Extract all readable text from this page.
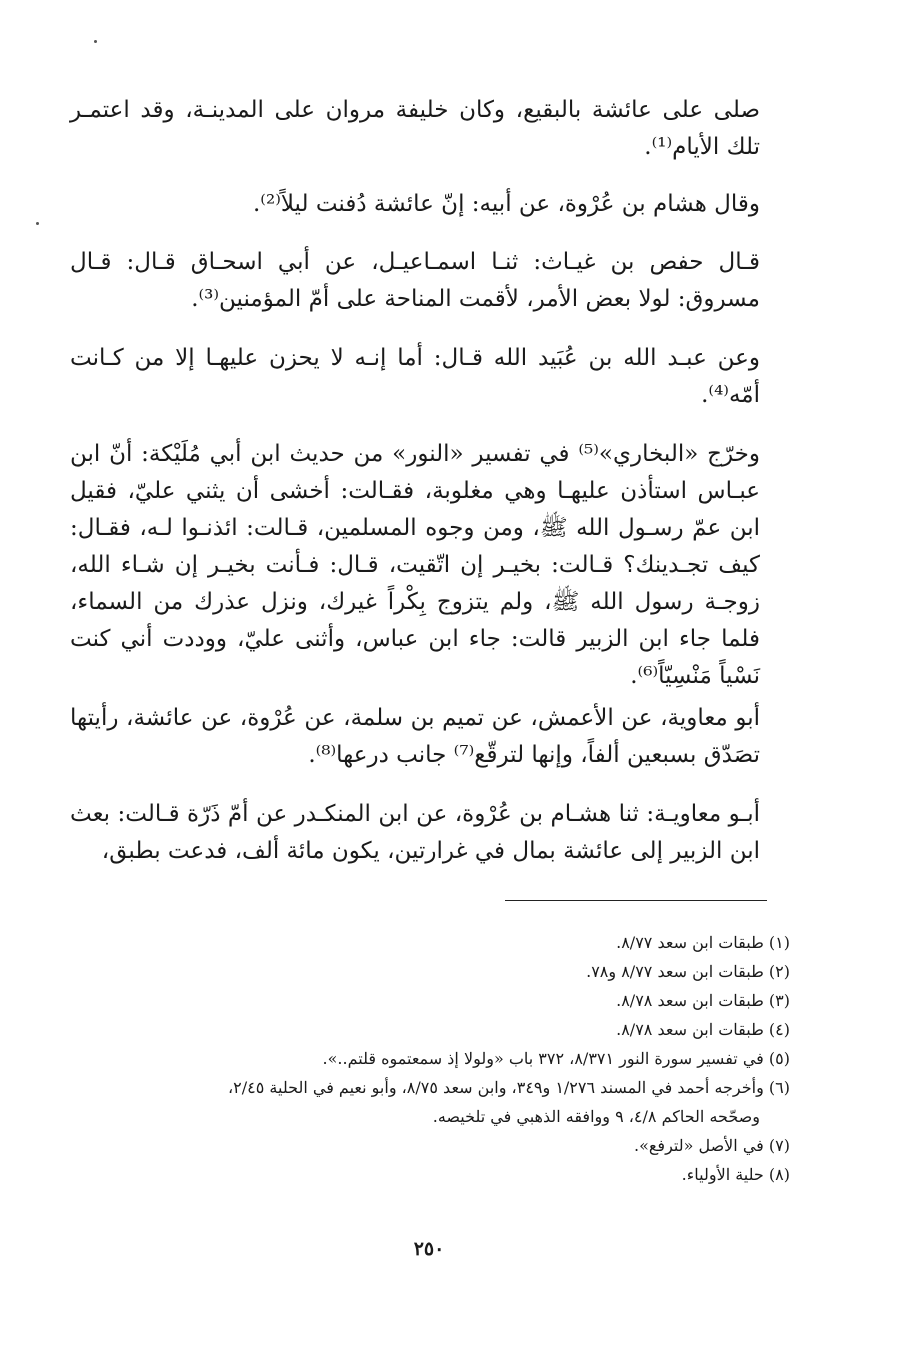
صلى على عائشة بالبقيع، وكان خليفة مروان على المدينـة، وقد اعتمـر تلك الأيام⁽¹⁾.

وقال هشام بن عُرْوة، عن أبيه: إنّ عائشة دُفنت ليلاً⁽²⁾.

قـال حفص بن غيـاث: ثنـا اسمـاعيـل، عن أبي اسحـاق قـال: قـال مسروق: لولا بعض الأمر، لأقمت المناحة على أمّ المؤمنين⁽³⁾.

وعن عبـد الله بن عُبَيد الله قـال: أما إنـه لا يحزن عليهـا إلا من كـانت أمّه⁽⁴⁾.

وخرّج «البخاري»⁽⁵⁾ في تفسير «النور» من حديث ابن أبي مُلَيْكة: أنّ ابن عبـاس استأذن عليهـا وهي مغلوبة، فقـالت: أخشى أن يثني عليّ، فقيل ابن عمّ رسـول الله ﷺ، ومن وجوه المسلمين، قـالت: ائذنـوا لـه، فقـال: كيف تجـدينك؟ قـالت: بخيـر إن اتّقيت، قـال: فـأنت بخيـر إن شـاء الله، زوجـة رسول الله ﷺ، ولم يتزوج بِكْراً غيرك، ونزل عذرك من السماء، فلما جاء ابن الزبير قالت: جاء ابن عباس، وأثنى عليّ، ووددت أني كنت نَسْياً مَنْسِيّاً⁽⁶⁾.

أبو معاوية، عن الأعمش، عن تميم بن سلمة، عن عُرْوة، عن عائشة، رأيتها تصَدّق بسبعين ألفاً، وإنها لترقّع⁽⁷⁾ جانب درعها⁽⁸⁾.

أبـو معاويـة: ثنا هشـام بن عُرْوة، عن ابن المنكـدر عن أمّ ذَرّة قـالت: بعث ابن الزبير إلى عائشة بمال في غرارتين، يكون مائة ألف، فدعت بطبق،

(١) طبقات ابن سعد ٨/٧٧.

(٢) طبقات ابن سعد ٨/٧٧ و٧٨.

(٣) طبقات ابن سعد ٨/٧٨.

(٤) طبقات ابن سعد ٨/٧٨.

(٥) في تفسير سورة النور ٨/٣٧١، ٣٧٢ باب «ولولا إذ سمعتموه قلتم..».

(٦) وأخرجه أحمد في المسند ١/٢٧٦ و٣٤٩، وابن سعد ٨/٧٥، وأبو نعيم في الحلية ٢/٤٥،

وصحّحه الحاكم ٤/٨، ٩ ووافقه الذهبي في تلخيصه.

(٧) في الأصل «لترفع».

(٨) حلية الأولياء.

٢٥٠
